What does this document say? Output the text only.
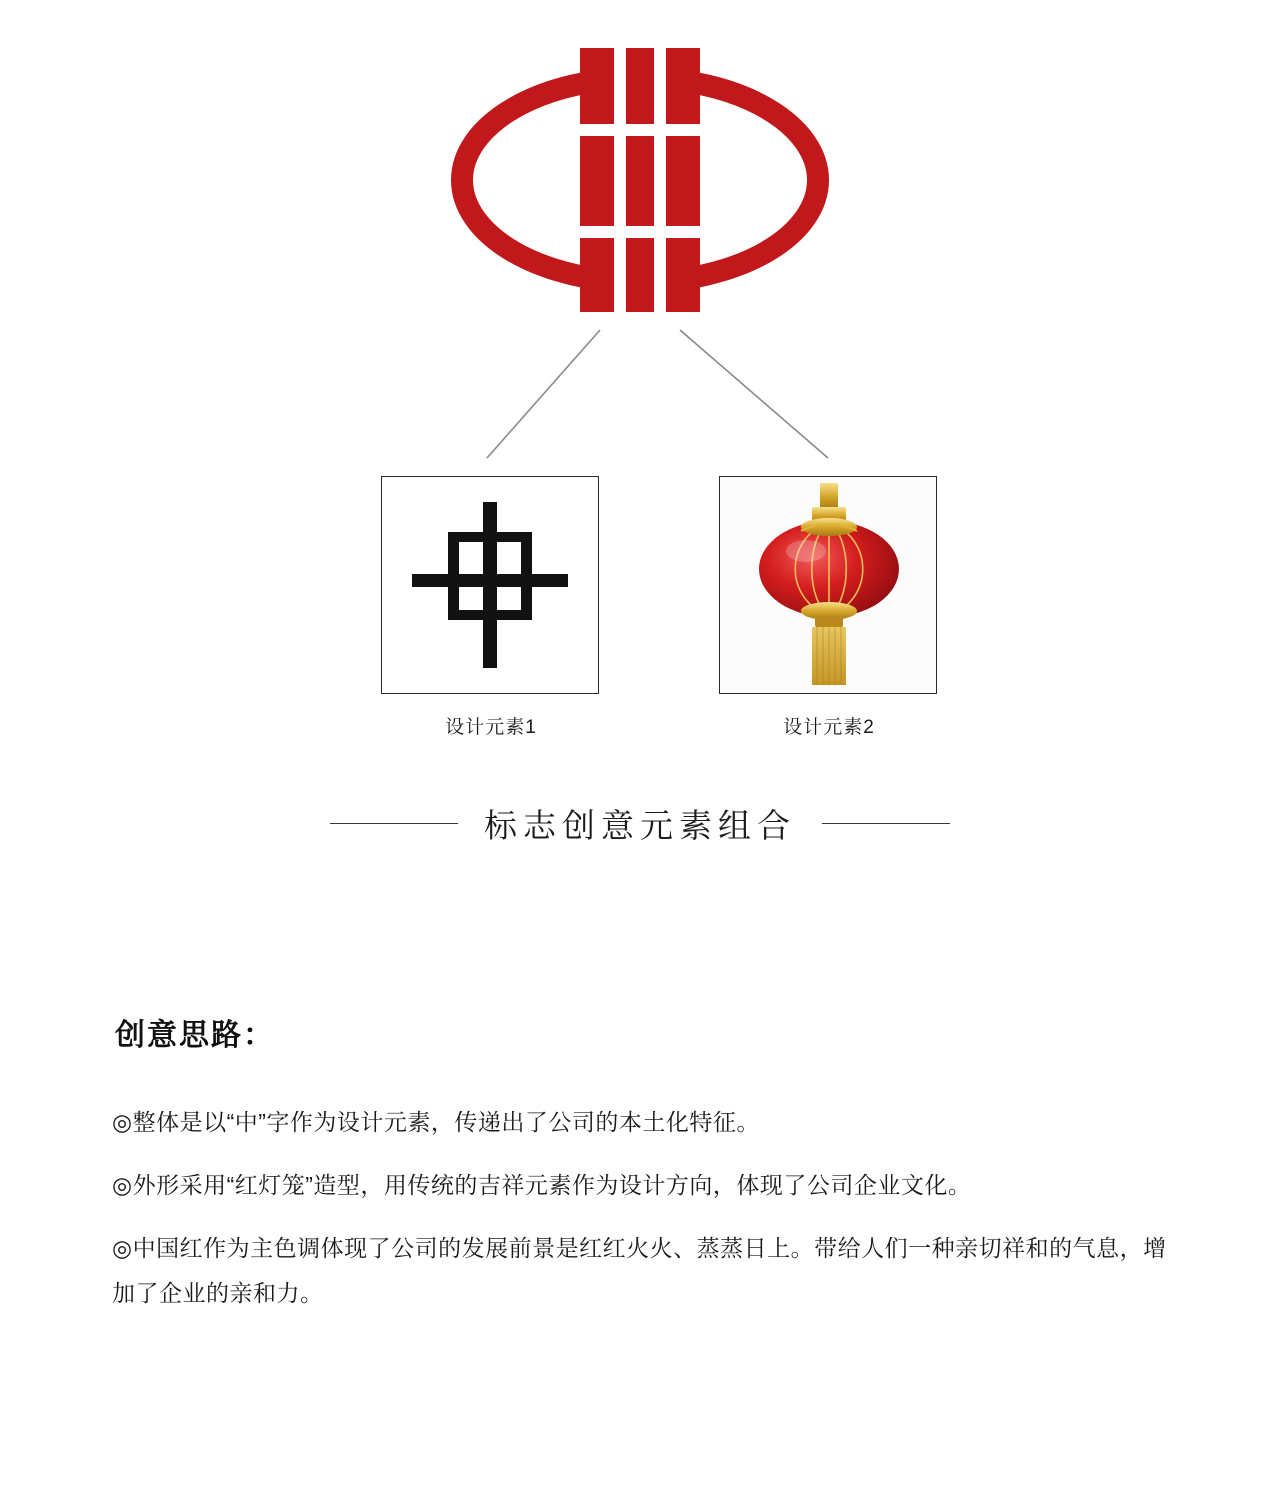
设计元素1	设计元素2
标志创意元素组合
创意思路：
◎整体是以“中”字作为设计元素，传递出了公司的本土化特征。
◎外形采用“红灯笼”造型，用传统的吉祥元素作为设计方向，体现了公司企业文化。
◎中国红作为主色调体现了公司的发展前景是红红火火、蒸蒸日上。带给人们一种亲切祥和的气息，增加了企业的亲和力。
